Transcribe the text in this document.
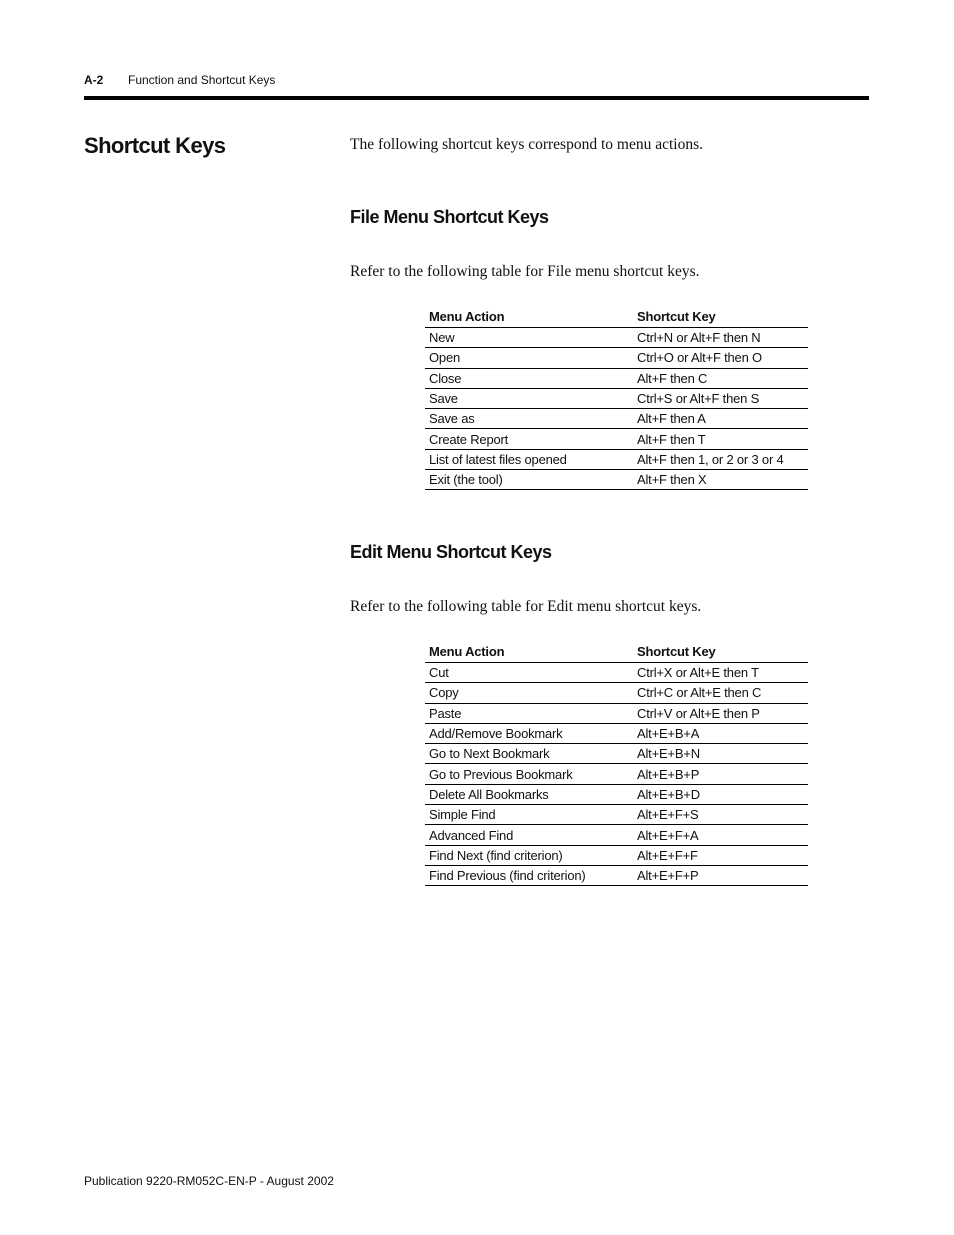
A-2 Function and Shortcut Keys
Shortcut Keys	The following shortcut keys correspond to menu actions.
File Menu Shortcut Keys
Refer to the following table for File menu shortcut keys.
Menu Action	Shortcut Key
New	Ctrl+N or Alt+F then N
Open	Ctrl+O or Alt+F then O
Close	Alt+F then C
Save	Ctrl+S or Alt+F then S
Save as	Alt+F then A
Create Report	Alt+F then T
List of latest files opened	Alt+F then 1, or 2 or 3 or 4
Exit (the tool)	Alt+F then X
Edit Menu Shortcut Keys
Refer to the following table for Edit menu shortcut keys.
Menu Action	Shortcut Key
Cut	Ctrl+X or Alt+E then T
Copy	Ctrl+C or Alt+E then C
Paste	Ctrl+V or Alt+E then P
Add/Remove Bookmark	Alt+E+B+A
Go to Next Bookmark	Alt+E+B+N
Go to Previous Bookmark	Alt+E+B+P
Delete All Bookmarks	Alt+E+B+D
Simple Find	Alt+E+F+S
Advanced Find	Alt+E+F+A
Find Next (find criterion)	Alt+E+F+F
Find Previous (find criterion)	Alt+E+F+P
Publication 9220-RM052C-EN-P - August 2002
